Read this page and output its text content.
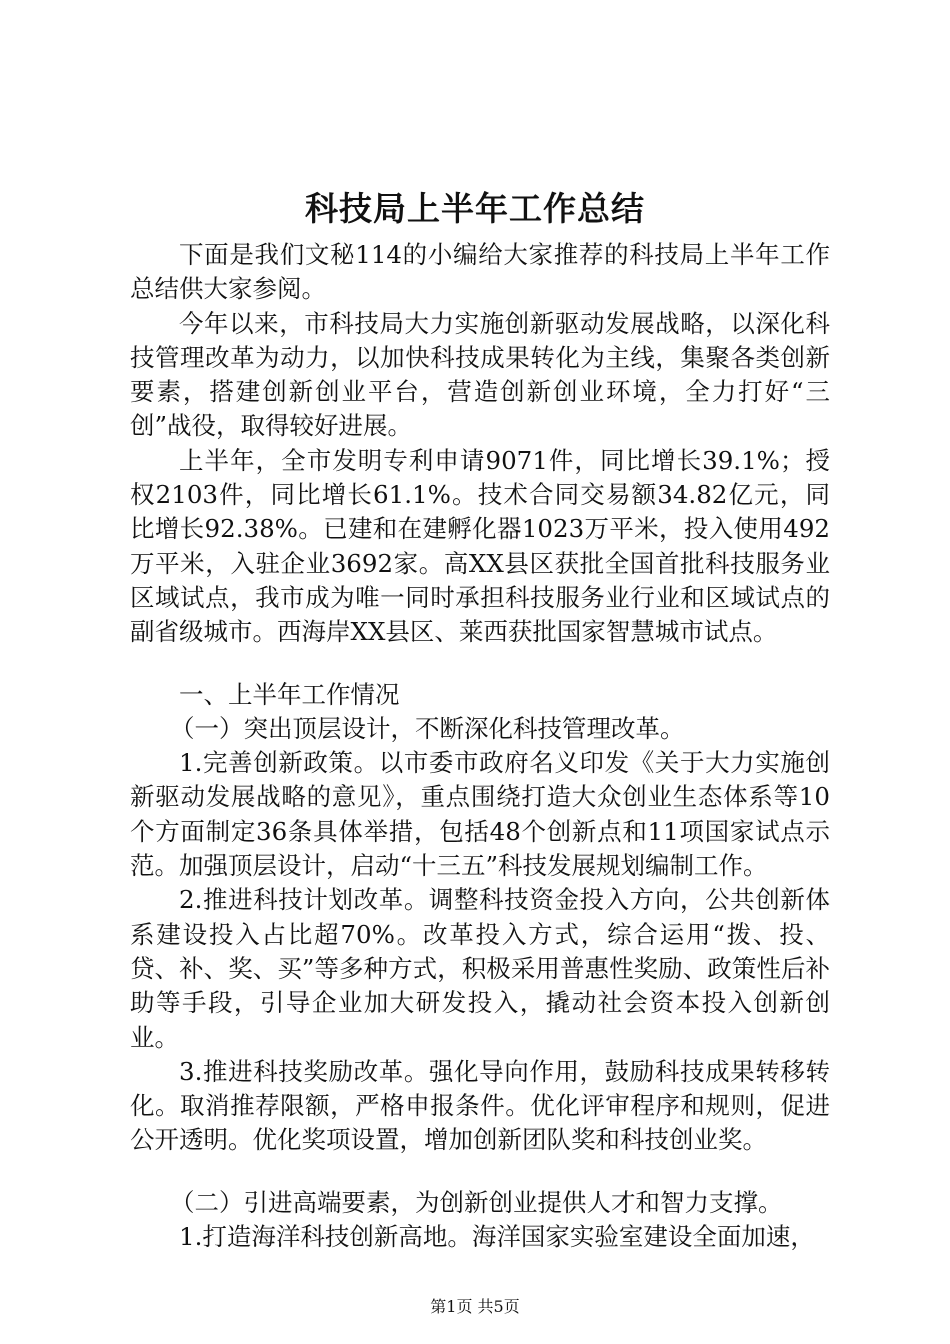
科技局上半年工作总结

下面是我们文秘114的小编给大家推荐的科技局上半年工作总结供大家参阅。

今年以来，市科技局大力实施创新驱动发展战略，以深化科技管理改革为动力，以加快科技成果转化为主线，集聚各类创新要素，搭建创新创业平台，营造创新创业环境，全力打好“三创”战役，取得较好进展。

上半年，全市发明专利申请9071件，同比增长39.1%；授权2103件，同比增长61.1%。技术合同交易额34.82亿元，同比增长92.38%。已建和在建孵化器1023万平米，投入使用492万平米，入驻企业3692家。高XX县区获批全国首批科技服务业区域试点，我市成为唯一同时承担科技服务业行业和区域试点的副省级城市。西海岸XX县区、莱西获批国家智慧城市试点。

一、上半年工作情况

（一）突出顶层设计，不断深化科技管理改革。

1.完善创新政策。以市委市政府名义印发《关于大力实施创新驱动发展战略的意见》，重点围绕打造大众创业生态体系等10个方面制定36条具体举措，包括48个创新点和11项国家试点示范。加强顶层设计，启动“十三五”科技发展规划编制工作。

2.推进科技计划改革。调整科技资金投入方向，公共创新体系建设投入占比超70%。改革投入方式，综合运用“拨、投、贷、补、奖、买”等多种方式，积极采用普惠性奖励、政策性后补助等手段，引导企业加大研发投入，撬动社会资本投入创新创业。

3.推进科技奖励改革。强化导向作用，鼓励科技成果转移转化。取消推荐限额，严格申报条件。优化评审程序和规则，促进公开透明。优化奖项设置，增加创新团队奖和科技创业奖。

（二）引进高端要素，为创新创业提供人才和智力支撑。

1.打造海洋科技创新高地。海洋国家实验室建设全面加速，

第1页 共5页
